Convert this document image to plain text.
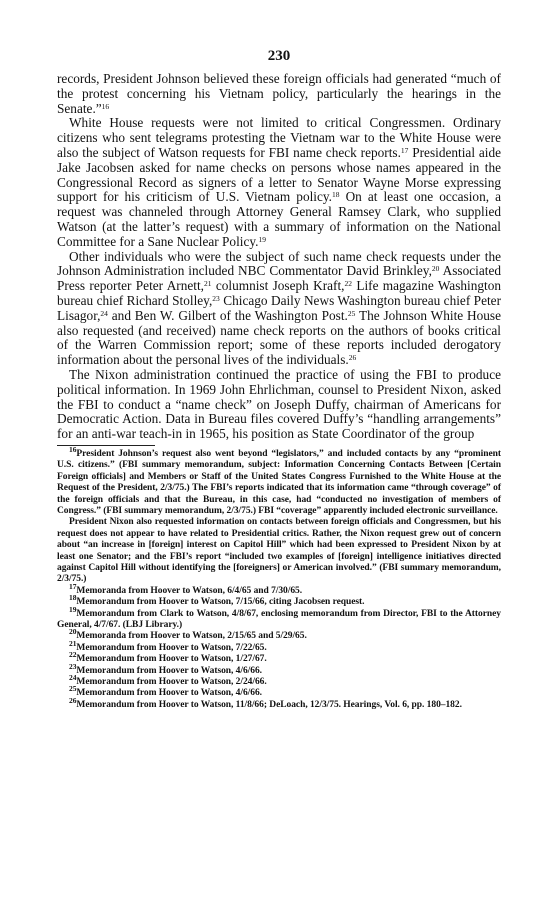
230

records, President Johnson believed these foreign officials had generated “much of the protest concerning his Vietnam policy, particularly the hearings in the Senate.”$^{16}$

White House requests were not limited to critical Congressmen. Ordinary citizens who sent telegrams protesting the Vietnam war to the White House were also the subject of Watson requests for FBI name check reports.$^{17}$ Presidential aide Jake Jacobsen asked for name checks on persons whose names appeared in the Congressional Record as signers of a letter to Senator Wayne Morse expressing support for his criticism of U.S. Vietnam policy.$^{18}$ On at least one occasion, a request was channeled through Attorney General Ramsey Clark, who supplied Watson (at the latter’s request) with a summary of information on the National Committee for a Sane Nuclear Policy.$^{19}$

Other individuals who were the subject of such name check requests under the Johnson Administration included NBC Commentator David Brinkley,$^{20}$ Associated Press reporter Peter Arnett,$^{21}$ columnist Joseph Kraft,$^{22}$ Life magazine Washington bureau chief Richard Stolley,$^{23}$ Chicago Daily News Washington bureau chief Peter Lisagor,$^{24}$ and Ben W. Gilbert of the Washington Post.$^{25}$ The Johnson White House also requested (and received) name check reports on the authors of books critical of the Warren Commission report; some of these reports included derogatory information about the personal lives of the individuals.$^{26}$

The Nixon administration continued the practice of using the FBI to produce political information. In 1969 John Ehrlichman, counsel to President Nixon, asked the FBI to conduct a “name check” on Joseph Duffy, chairman of Americans for Democratic Action. Data in Bureau files covered Duffy’s “handling arrangements” for an anti-war teach-in in 1965, his position as State Coordinator of the group

$^{16}$President Johnson’s request also went beyond “legislators,” and included contacts by any “prominent U.S. citizens.” (FBI summary memorandum, subject: Information Concerning Contacts Between [Certain Foreign officials] and Members or Staff of the United States Congress Furnished to the White House at the Request of the President, 2/3/75.) The FBI’s reports indicated that its information came “through coverage” of the foreign officials and that the Bureau, in this case, had “conducted no investigation of members of Congress.” (FBI summary memorandum, 2/3/75.) FBI “coverage” apparently included electronic surveillance.

President Nixon also requested information on contacts between foreign officials and Congressmen, but his request does not appear to have related to Presidential critics. Rather, the Nixon request grew out of concern about “an increase in [foreign] interest on Capitol Hill” which had been expressed to President Nixon by at least one Senator; and the FBI’s report “included two examples of [foreign] intelligence initiatives directed against Capitol Hill without identifying the [foreigners] or American involved.” (FBI summary memorandum, 2/3/75.)

$^{17}$Memoranda from Hoover to Watson, 6/4/65 and 7/30/65.

$^{18}$Memorandum from Hoover to Watson, 7/15/66, citing Jacobsen request.

$^{19}$Memorandum from Clark to Watson, 4/8/67, enclosing memorandum from Director, FBI to the Attorney General, 4/7/67. (LBJ Library.)

$^{20}$Memoranda from Hoover to Watson, 2/15/65 and 5/29/65.

$^{21}$Memorandum from Hoover to Watson, 7/22/65.

$^{22}$Memorandum from Hoover to Watson, 1/27/67.

$^{23}$Memorandum from Hoover to Watson, 4/6/66.

$^{24}$Memorandum from Hoover to Watson, 2/24/66.

$^{25}$Memorandum from Hoover to Watson, 4/6/66.

$^{26}$Memorandum from Hoover to Watson, 11/8/66; DeLoach, 12/3/75. Hearings, Vol. 6, pp. 180–182.
